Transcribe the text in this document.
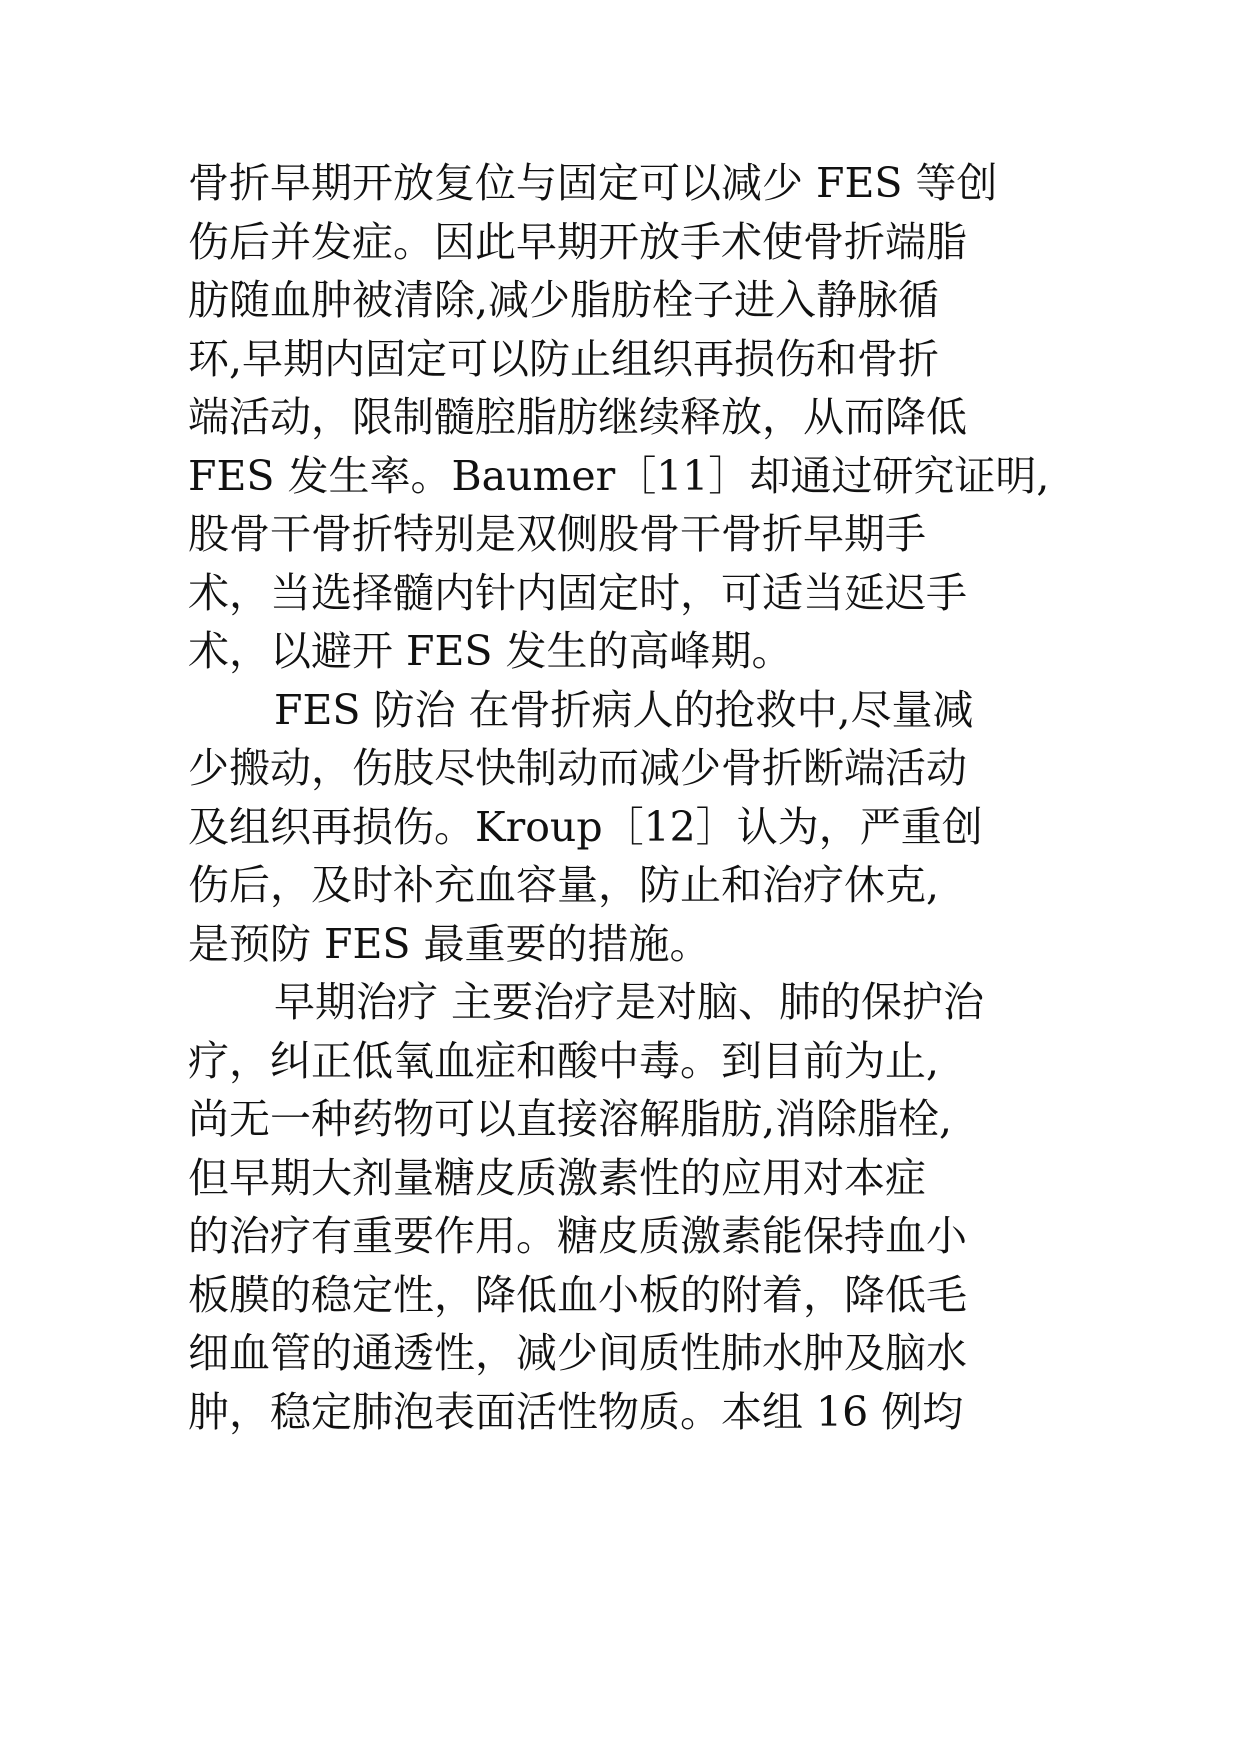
骨折早期开放复位与固定可以减少 FES 等创
伤后并发症。因此早期开放手术使骨折端脂
肪随血肿被清除,减少脂肪栓子进入静脉循
环,早期内固定可以防止组织再损伤和骨折
端活动，限制髓腔脂肪继续释放，从而降低
FES 发生率。Baumer［11］却通过研究证明,
股骨干骨折特别是双侧股骨干骨折早期手
术，当选择髓内针内固定时，可适当延迟手
术，以避开 FES 发生的高峰期。
FES 防治 在骨折病人的抢救中,尽量减
少搬动，伤肢尽快制动而减少骨折断端活动
及组织再损伤。Kroup［12］认为，严重创
伤后，及时补充血容量，防止和治疗休克,
是预防 FES 最重要的措施。
早期治疗 主要治疗是对脑、肺的保护治
疗，纠正低氧血症和酸中毒。到目前为止,
尚无一种药物可以直接溶解脂肪,消除脂栓,
但早期大剂量糖皮质激素性的应用对本症
的治疗有重要作用。糖皮质激素能保持血小
板膜的稳定性，降低血小板的附着，降低毛
细血管的通透性，减少间质性肺水肿及脑水
肿，稳定肺泡表面活性物质。本组 16 例均
